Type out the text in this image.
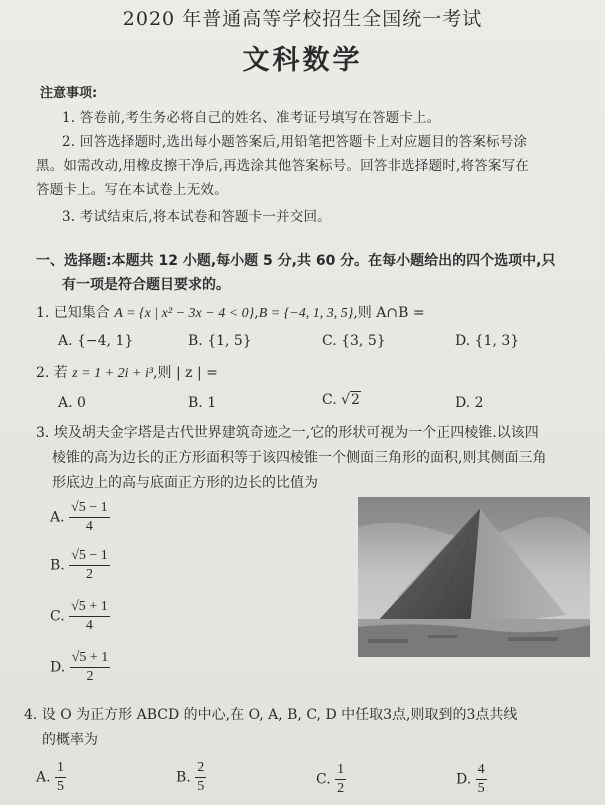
2020 年普通高等学校招生全国统一考试
文科数学
注意事项:
1. 答卷前,考生务必将自己的姓名、准考证号填写在答题卡上。
2. 回答选择题时,选出每小题答案后,用铅笔把答题卡上对应题目的答案标号涂
黑。如需改动,用橡皮擦干净后,再选涂其他答案标号。回答非选择题时,将答案写在
答题卡上。写在本试卷上无效。
3. 考试结束后,将本试卷和答题卡一并交回。
一、选择题:本题共 12 小题,每小题 5 分,共 60 分。在每小题给出的四个选项中,只
有一项是符合题目要求的。
1. 已知集合 A = {x | x² − 3x − 4 < 0},B = {−4, 1, 3, 5},则 A∩B =
A. {−4, 1}	B. {1, 5}	C. {3, 5}	D. {1, 3}
2. 若 z = 1 + 2i + i³,则 | z | =
A. 0	B. 1	C. √2	D. 2
3. 埃及胡夫金字塔是古代世界建筑奇迹之一,它的形状可视为一个正四棱锥.以该四
棱锥的高为边长的正方形面积等于该四棱锥一个侧面三角形的面积,则其侧面三角
形底边上的高与底面正方形的边长的比值为
A. $\frac{√5 - 1}{4}$
B. $\frac{√5 - 1}{2}$
C. $\frac{√5 + 1}{4}$
D. $\frac{√5 + 1}{2}$
4. 设 O 为正方形 ABCD 的中心,在 O, A, B, C, D 中任取3点,则取到的3点共线
的概率为
A. $\frac{1}{5}$	B. $\frac{2}{5}$	C. $\frac{1}{2}$	D. $\frac{4}{5}$
